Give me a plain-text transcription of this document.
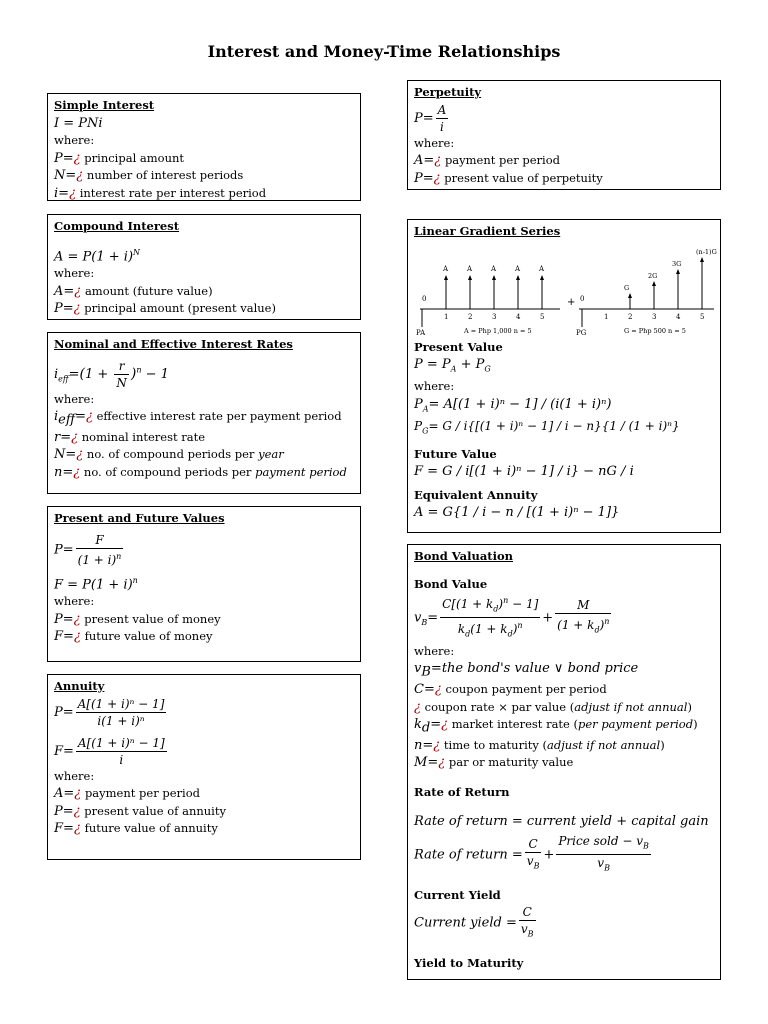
Interest and Money-Time Relationships
Simple Interest
I = PNi
where:
P=¿ principal amount
N=¿ number of interest periods
i=¿ interest rate per interest period
Compound Interest
$A = P(1 + i)^N$
where:
A=¿ amount (future value)
P=¿ principal amount (present value)
Nominal and Effective Interest Rates
$i_{eff}=(1 + \frac{r}{N} )^n - 1$
where:
$i_{eff}=¿$ effective interest rate per payment period
r=¿ nominal interest rate
N=¿ no. of compound periods per year
n=¿ no. of compound periods per payment period
Present and Future Values
$P= \frac{F}{(1 + i)^n}$
$F = P(1 + i)^n$
where:
P=¿ present value of money
F=¿ future value of money
Annuity
$P= \frac{\text{A[(1 + i)ⁿ − 1]}}{\text{i(1 + i)ⁿ}}$
$F= \frac{\text{A[(1 + i)ⁿ − 1]}}{i}$
where:
A=¿ payment per period
P=¿ present value of annuity
F=¿ future value of annuity
Perpetuity
$P= \frac{A}{i}$
where:
A=¿ payment per period
P=¿ present value of perpetuity
Linear Gradient Series
A
1
A
2
A
3
A
4
A
5
0
PA	A = Php 1,000 n = 5
+
1	2
G
3
2G
4
3G
5
(n-1)G
0
PG	G = Php 500 n = 5
Present Value
$P = P_A + P_G$
where:
$P_A= A[(1 + i)^n - 1] / (i(1 + i)^n)$
$P_G= G / i\{[(1 + i)^n - 1] / i - n\}\{1 / (1 + i)^n\}$
Future Value
F = G / i[(1 + i)ⁿ − 1] / i} − nG / i
Equivalent Annuity
A = G{1 / i − n / [(1 + i)ⁿ − 1]}
Bond Valuation
Bond Value
$v_B= \frac{C[(1 + k_d)^n - 1]}{k_d(1 + k_d)^n} + \frac{M}{(1 + k_d)^n}$
where:
$v_B=the$ bond's value ∨ bond price
C=¿ coupon payment per period
¿ coupon rate × par value (adjust if not annual)
$k_d=¿$ market interest rate (per payment period)
n=¿ time to maturity (adjust if not annual)
M=¿ par or maturity value
Rate of Return
Rate of return = current yield + capital gain
Rate of return = $\frac{C}{v_B} + \frac{Price sold - v_B}{v_B}$
Current Yield
Current yield = $\frac{C}{v_B}$
Yield to Maturity
